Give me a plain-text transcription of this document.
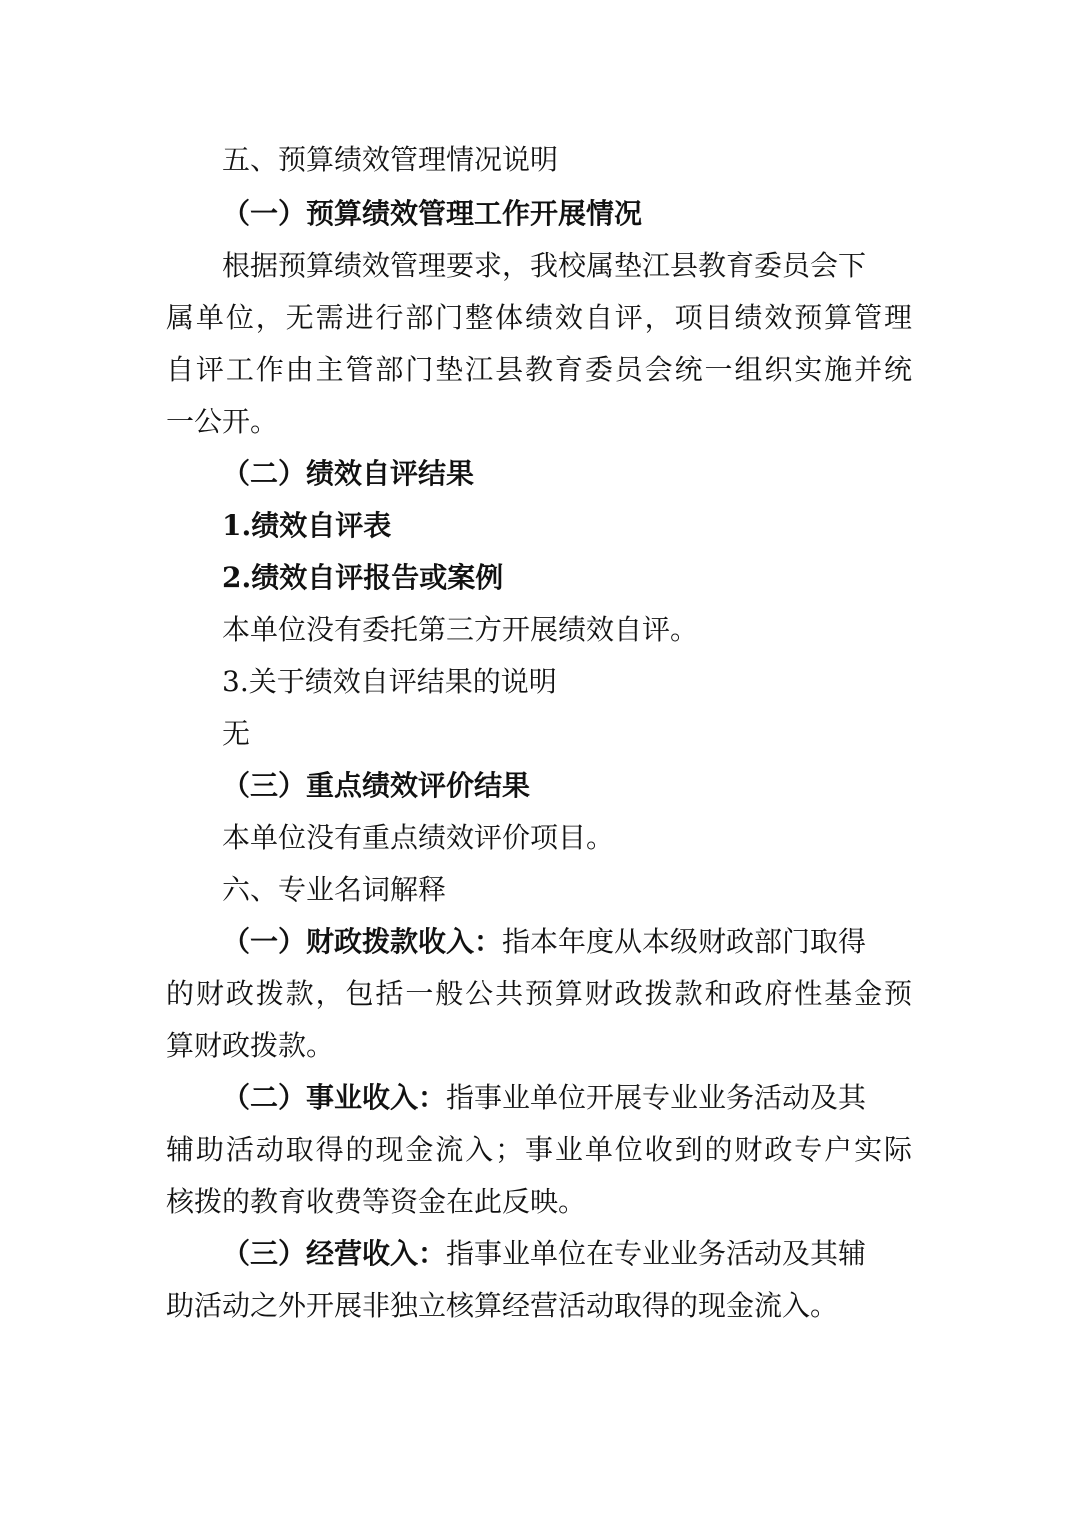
五、预算绩效管理情况说明

（一）预算绩效管理工作开展情况

根据预算绩效管理要求，我校属垫江县教育委员会下

属单位，无需进行部门整体绩效自评，项目绩效预算管理

自评工作由主管部门垫江县教育委员会统一组织实施并统

一公开。

（二）绩效自评结果

1.绩效自评表

2.绩效自评报告或案例

本单位没有委托第三方开展绩效自评。

3.关于绩效自评结果的说明

无

（三）重点绩效评价结果

本单位没有重点绩效评价项目。

六、专业名词解释

（一）财政拨款收入：指本年度从本级财政部门取得

的财政拨款，包括一般公共预算财政拨款和政府性基金预

算财政拨款。

（二）事业收入：指事业单位开展专业业务活动及其

辅助活动取得的现金流入；事业单位收到的财政专户实际

核拨的教育收费等资金在此反映。

（三）经营收入：指事业单位在专业业务活动及其辅

助活动之外开展非独立核算经营活动取得的现金流入。
